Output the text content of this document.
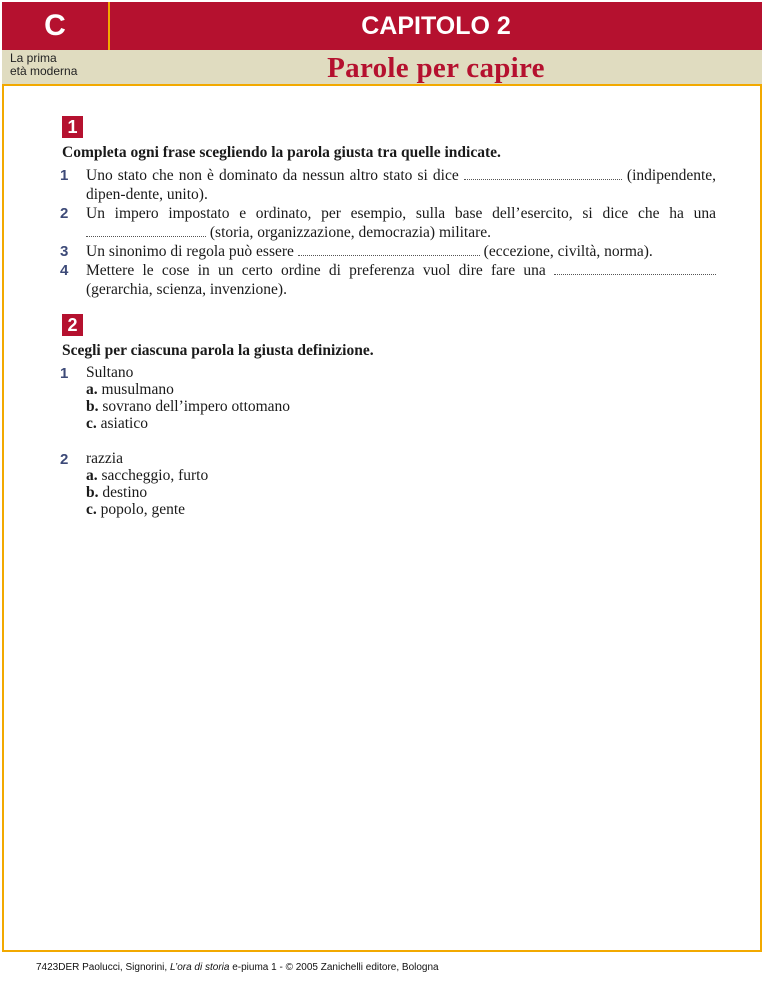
C	CAPITOLO 2
La prima
età moderna	Parole per capire
1
Completa ogni frase scegliendo la parola giusta tra quelle indicate.
1 Uno stato che non è dominato da nessun altro stato si dice	(indipendente, dipen-dente, unito).
2 Un impero impostato e ordinato, per esempio, sulla base dell’esercito, si dice che ha una  (storia, organizzazione, democrazia) militare.
3 Un sinonimo di regola può essere	(eccezione, civiltà, norma).
4 Mettere le cose in un certo ordine di preferenza vuol dire fare una  (gerarchia, scienza, invenzione).
2
Scegli per ciascuna parola la giusta definizione.
1 Sultano
a. musulmano
b. sovrano dell’impero ottomano
c. asiatico
2 razzia
a. saccheggio, furto
b. destino
c. popolo, gente
7423DER Paolucci, Signorini, L’ora di storia e-piuma 1 - © 2005 Zanichelli editore, Bologna
